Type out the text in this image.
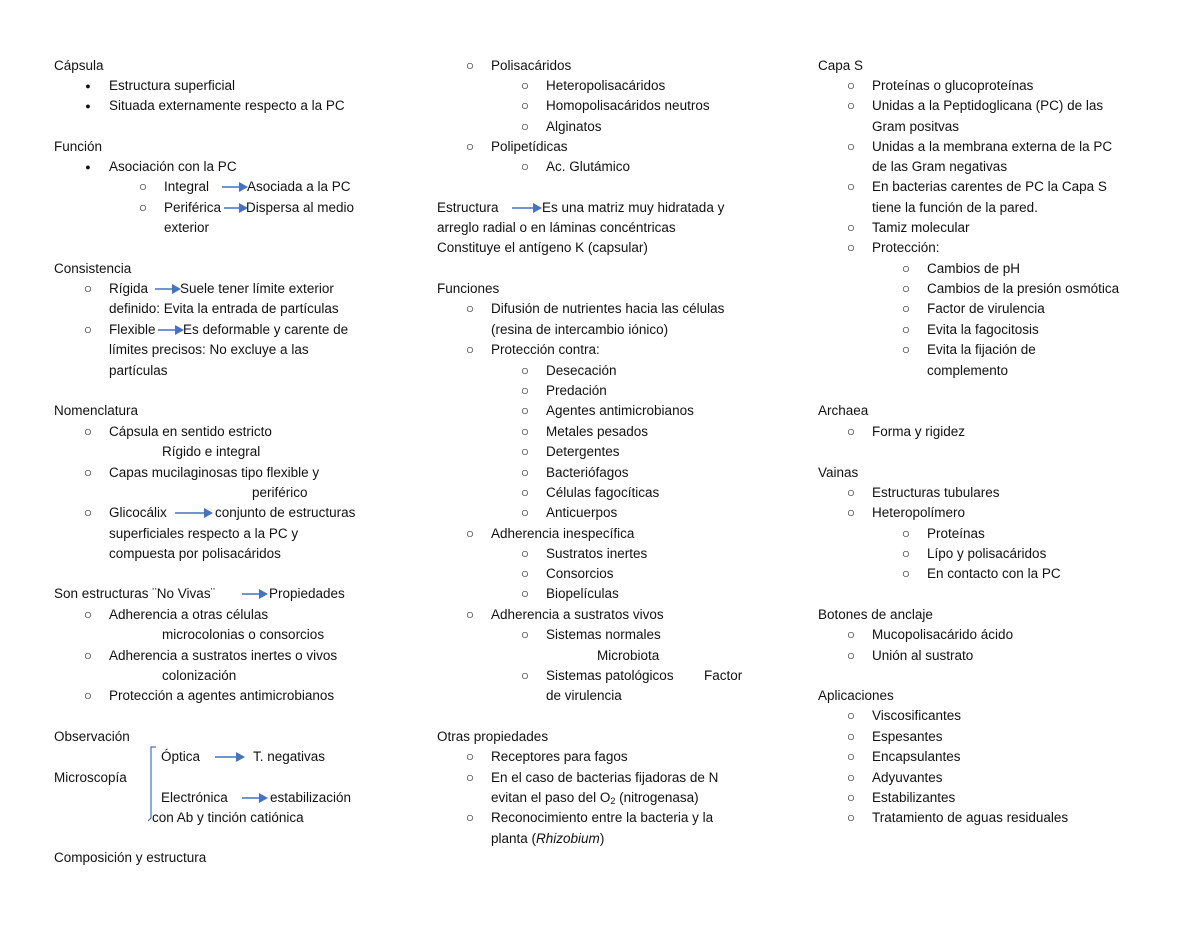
Cápsula
●	Estructura superficial
●	Situada externamente respecto a la PC
Función
●	Asociación con la PC
○	Integral	Asociada a la PC
○	Periférica Dispersa al medio
exterior
Consistencia
○	Rígida Suele tener límite exterior
definido: Evita la entrada de partículas
○	Flexible Es deformable y carente de
límites precisos: No excluye a las
partículas
Nomenclatura
○	Cápsula en sentido estricto
Rígido e integral
○	Capas mucilaginosas tipo flexible y
periférico
○	Glicocálix	conjunto de estructuras
superficiales respecto a la PC y
compuesta por polisacáridos
Son estructuras ¨No Vivas¨	Propiedades
○	Adherencia a otras células
microcolonias o consorcios
○	Adherencia a sustratos inertes o vivos
colonización
○	Protección a agentes antimicrobianos
Observación
Microscopía
Óptica	T. negativas
Electrónica	estabilización
con Ab y tinción catiónica
Composición y estructura
○	Polisacáridos
○	Heteropolisacáridos
○	Homopolisacáridos neutros
○	Alginatos
○	Polipetídicas
○	Ac. Glutámico
Estructura	Es una matriz muy hidratada y
arreglo radial o en láminas concéntricas
Constituye el antígeno K (capsular)
Funciones
○	Difusión de nutrientes hacia las células
(resina de intercambio iónico)
○	Protección contra:
○	Desecación
○	Predación
○	Agentes antimicrobianos
○	Metales pesados
○	Detergentes
○	Bacteriófagos
○	Células fagocíticas
○	Anticuerpos
○	Adherencia inespecífica
○	Sustratos inertes
○	Consorcios
○	Biopelículas
○	Adherencia a sustratos vivos
○	Sistemas normales
Microbiota
○	Sistemas patológicos Factor
de virulencia
Otras propiedades
○	Receptores para fagos
○	En el caso de bacterias fijadoras de N
evitan el paso del $O_2$ (nitrogenasa)
○	Reconocimiento entre la bacteria y la
planta (Rhizobium)
Capa S
○	Proteínas o glucoproteínas
○	Unidas a la Peptidoglicana (PC) de las
Gram positvas
○	Unidas a la membrana externa de la PC
de las Gram negativas
○	En bacterias carentes de PC la Capa S
tiene la función de la pared.
○	Tamiz molecular
○	Protección:
○	Cambios de pH
○	Cambios de la presión osmótica
○	Factor de virulencia
○	Evita la fagocitosis
○	Evita la fijación de
complemento
Archaea
○	Forma y rigidez
Vainas
○	Estructuras tubulares
○	Heteropolímero
○	Proteínas
○	Lípo y polisacáridos
○	En contacto con la PC
Botones de anclaje
○	Mucopolisacárido ácido
○	Unión al sustrato
Aplicaciones
○	Viscosificantes
○	Espesantes
○	Encapsulantes
○	Adyuvantes
○	Estabilizantes
○	Tratamiento de aguas residuales
